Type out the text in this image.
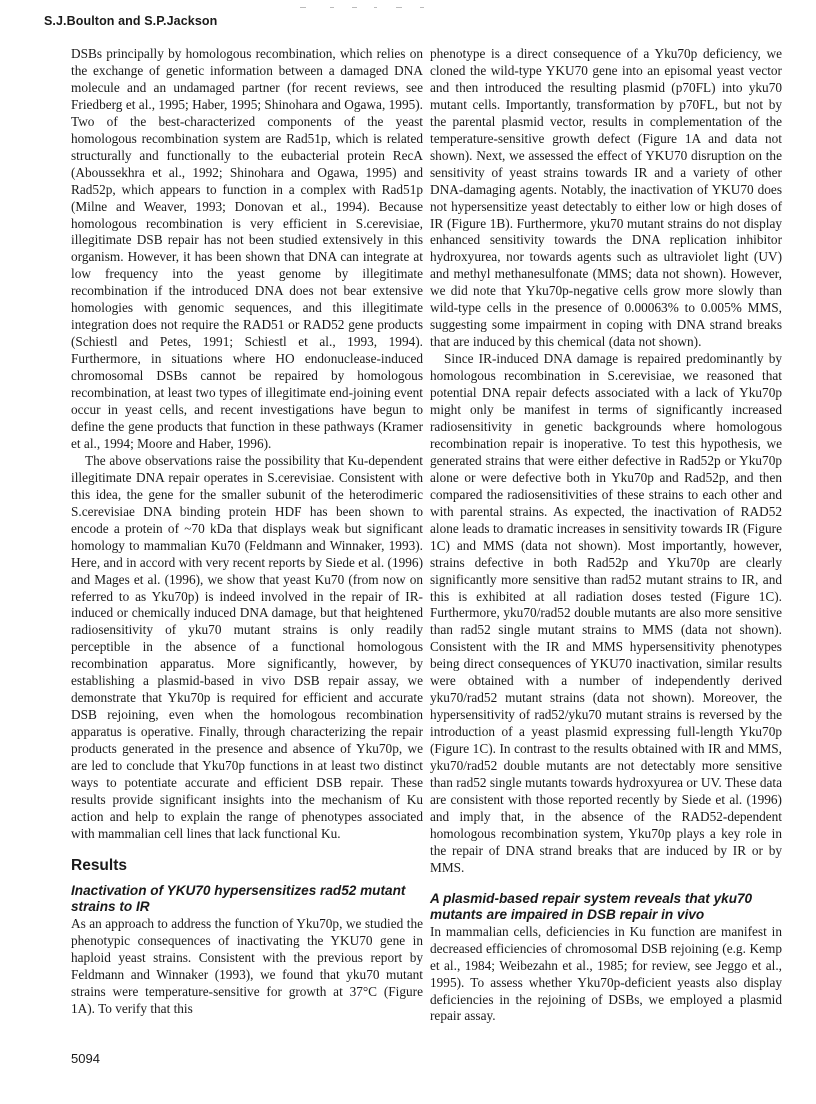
S.J.Boulton and S.P.Jackson

DSBs principally by homologous recombination, which relies on the exchange of genetic information between a damaged DNA molecule and an undamaged partner (for recent reviews, see Friedberg et al., 1995; Haber, 1995; Shinohara and Ogawa, 1995). Two of the best-characterized components of the yeast homologous recombination system are Rad51p, which is related structurally and functionally to the eubacterial protein RecA (Aboussekhra et al., 1992; Shinohara and Ogawa, 1995) and Rad52p, which appears to function in a complex with Rad51p (Milne and Weaver, 1993; Donovan et al., 1994). Because homologous recombination is very efficient in S.cerevisiae, illegitimate DSB repair has not been studied extensively in this organism. However, it has been shown that DNA can integrate at low frequency into the yeast genome by illegitimate recombination if the introduced DNA does not bear extensive homologies with genomic sequences, and this illegitimate integration does not require the RAD51 or RAD52 gene products (Schiestl and Petes, 1991; Schiestl et al., 1993, 1994). Furthermore, in situations where HO endonuclease-induced chromosomal DSBs cannot be repaired by homologous recombination, at least two types of illegitimate end-joining event occur in yeast cells, and recent investigations have begun to define the gene products that function in these pathways (Kramer et al., 1994; Moore and Haber, 1996).

The above observations raise the possibility that Ku-dependent illegitimate DNA repair operates in S.cerevisiae. Consistent with this idea, the gene for the smaller subunit of the heterodimeric S.cerevisiae DNA binding protein HDF has been shown to encode a protein of ~70 kDa that displays weak but significant homology to mammalian Ku70 (Feldmann and Winnaker, 1993). Here, and in accord with very recent reports by Siede et al. (1996) and Mages et al. (1996), we show that yeast Ku70 (from now on referred to as Yku70p) is indeed involved in the repair of IR-induced or chemically induced DNA damage, but that heightened radiosensitivity of yku70 mutant strains is only readily perceptible in the absence of a functional homologous recombination apparatus. More significantly, however, by establishing a plasmid-based in vivo DSB repair assay, we demonstrate that Yku70p is required for efficient and accurate DSB rejoining, even when the homologous recombination apparatus is operative. Finally, through characterizing the repair products generated in the presence and absence of Yku70p, we are led to conclude that Yku70p functions in at least two distinct ways to potentiate accurate and efficient DSB repair. These results provide significant insights into the mechanism of Ku action and help to explain the range of phenotypes associated with mammalian cell lines that lack functional Ku.

Results
Inactivation of YKU70 hypersensitizes rad52 mutant strains to IR

As an approach to address the function of Yku70p, we studied the phenotypic consequences of inactivating the YKU70 gene in haploid yeast strains. Consistent with the previous report by Feldmann and Winnaker (1993), we found that yku70 mutant strains were temperature-sensitive for growth at 37°C (Figure 1A). To verify that this

phenotype is a direct consequence of a Yku70p deficiency, we cloned the wild-type YKU70 gene into an episomal yeast vector and then introduced the resulting plasmid (p70FL) into yku70 mutant cells. Importantly, transformation by p70FL, but not by the parental plasmid vector, results in complementation of the temperature-sensitive growth defect (Figure 1A and data not shown). Next, we assessed the effect of YKU70 disruption on the sensitivity of yeast strains towards IR and a variety of other DNA-damaging agents. Notably, the inactivation of YKU70 does not hypersensitize yeast detectably to either low or high doses of IR (Figure 1B). Furthermore, yku70 mutant strains do not display enhanced sensitivity towards the DNA replication inhibitor hydroxyurea, nor towards agents such as ultraviolet light (UV) and methyl methanesulfonate (MMS; data not shown). However, we did note that Yku70p-negative cells grow more slowly than wild-type cells in the presence of 0.00063% to 0.005% MMS, suggesting some impairment in coping with DNA strand breaks that are induced by this chemical (data not shown).

Since IR-induced DNA damage is repaired predominantly by homologous recombination in S.cerevisiae, we reasoned that potential DNA repair defects associated with a lack of Yku70p might only be manifest in terms of significantly increased radiosensitivity in genetic backgrounds where homologous recombination repair is inoperative. To test this hypothesis, we generated strains that were either defective in Rad52p or Yku70p alone or were defective both in Yku70p and Rad52p, and then compared the radiosensitivities of these strains to each other and with parental strains. As expected, the inactivation of RAD52 alone leads to dramatic increases in sensitivity towards IR (Figure 1C) and MMS (data not shown). Most importantly, however, strains defective in both Rad52p and Yku70p are clearly significantly more sensitive than rad52 mutant strains to IR, and this is exhibited at all radiation doses tested (Figure 1C). Furthermore, yku70/rad52 double mutants are also more sensitive than rad52 single mutant strains to MMS (data not shown). Consistent with the IR and MMS hypersensitivity phenotypes being direct consequences of YKU70 inactivation, similar results were obtained with a number of independently derived yku70/rad52 mutant strains (data not shown). Moreover, the hypersensitivity of rad52/yku70 mutant strains is reversed by the introduction of a yeast plasmid expressing full-length Yku70p (Figure 1C). In contrast to the results obtained with IR and MMS, yku70/rad52 double mutants are not detectably more sensitive than rad52 single mutants towards hydroxyurea or UV. These data are consistent with those reported recently by Siede et al. (1996) and imply that, in the absence of the RAD52-dependent homologous recombination system, Yku70p plays a key role in the repair of DNA strand breaks that are induced by IR or by MMS.

A plasmid-based repair system reveals that yku70 mutants are impaired in DSB repair in vivo

In mammalian cells, deficiencies in Ku function are manifest in decreased efficiencies of chromosomal DSB rejoining (e.g. Kemp et al., 1984; Weibezahn et al., 1985; for review, see Jeggo et al., 1995). To assess whether Yku70p-deficient yeasts also display deficiencies in the rejoining of DSBs, we employed a plasmid repair assay.

5094
